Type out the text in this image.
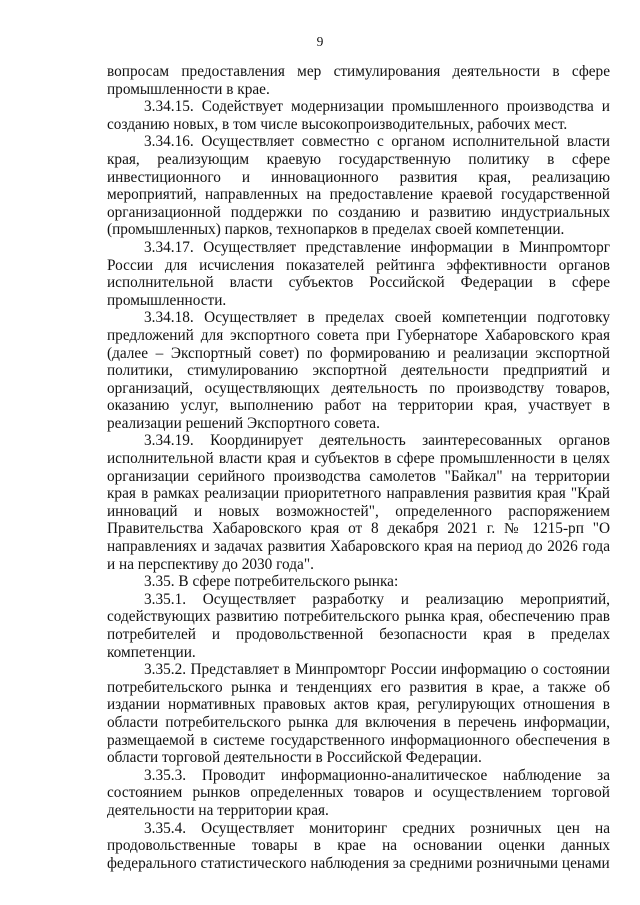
9

вопросам предоставления мер стимулирования деятельности в сфере промышленности в крае.

3.34.15. Содействует модернизации промышленного производства и созданию новых, в том числе высокопроизводительных, рабочих мест.

3.34.16. Осуществляет совместно с органом исполнительной власти края, реализующим краевую государственную политику в сфере инвестиционного и инновационного развития края, реализацию мероприятий, направленных на предоставление краевой государственной организационной поддержки по созданию и развитию индустриальных (промышленных) парков, технопарков в пределах своей компетенции.

3.34.17. Осуществляет представление информации в Минпромторг России для исчисления показателей рейтинга эффективности органов исполнительной власти субъектов Российской Федерации в сфере промышленности.

3.34.18. Осуществляет в пределах своей компетенции подготовку предложений для экспортного совета при Губернаторе Хабаровского края (далее – Экспортный совет) по формированию и реализации экспортной политики, стимулированию экспортной деятельности предприятий и организаций, осуществляющих деятельность по производству товаров, оказанию услуг, выполнению работ на территории края, участвует в реализации решений Экспортного совета.

3.34.19. Координирует деятельность заинтересованных органов исполнительной власти края и субъектов в сфере промышленности в целях организации серийного производства самолетов "Байкал" на территории края в рамках реализации приоритетного направления развития края "Край инноваций и новых возможностей", определенного распоряжением Правительства Хабаровского края от 8 декабря 2021 г. № 1215-рп "О направлениях и задачах развития Хабаровского края на период до 2026 года и на перспективу до 2030 года".

3.35. В сфере потребительского рынка:

3.35.1. Осуществляет разработку и реализацию мероприятий, содействующих развитию потребительского рынка края, обеспечению прав потребителей и продовольственной безопасности края в пределах компетенции.

3.35.2. Представляет в Минпромторг России информацию о состоянии потребительского рынка и тенденциях его развития в крае, а также об издании нормативных правовых актов края, регулирующих отношения в области потребительского рынка для включения в перечень информации, размещаемой в системе государственного информационного обеспечения в области торговой деятельности в Российской Федерации.

3.35.3. Проводит информационно-аналитическое наблюдение за состоянием рынков определенных товаров и осуществлением торговой деятельности на территории края.

3.35.4. Осуществляет мониторинг средних розничных цен на продовольственные товары в крае на основании оценки данных федерального статистического наблюдения за средними розничными ценами
